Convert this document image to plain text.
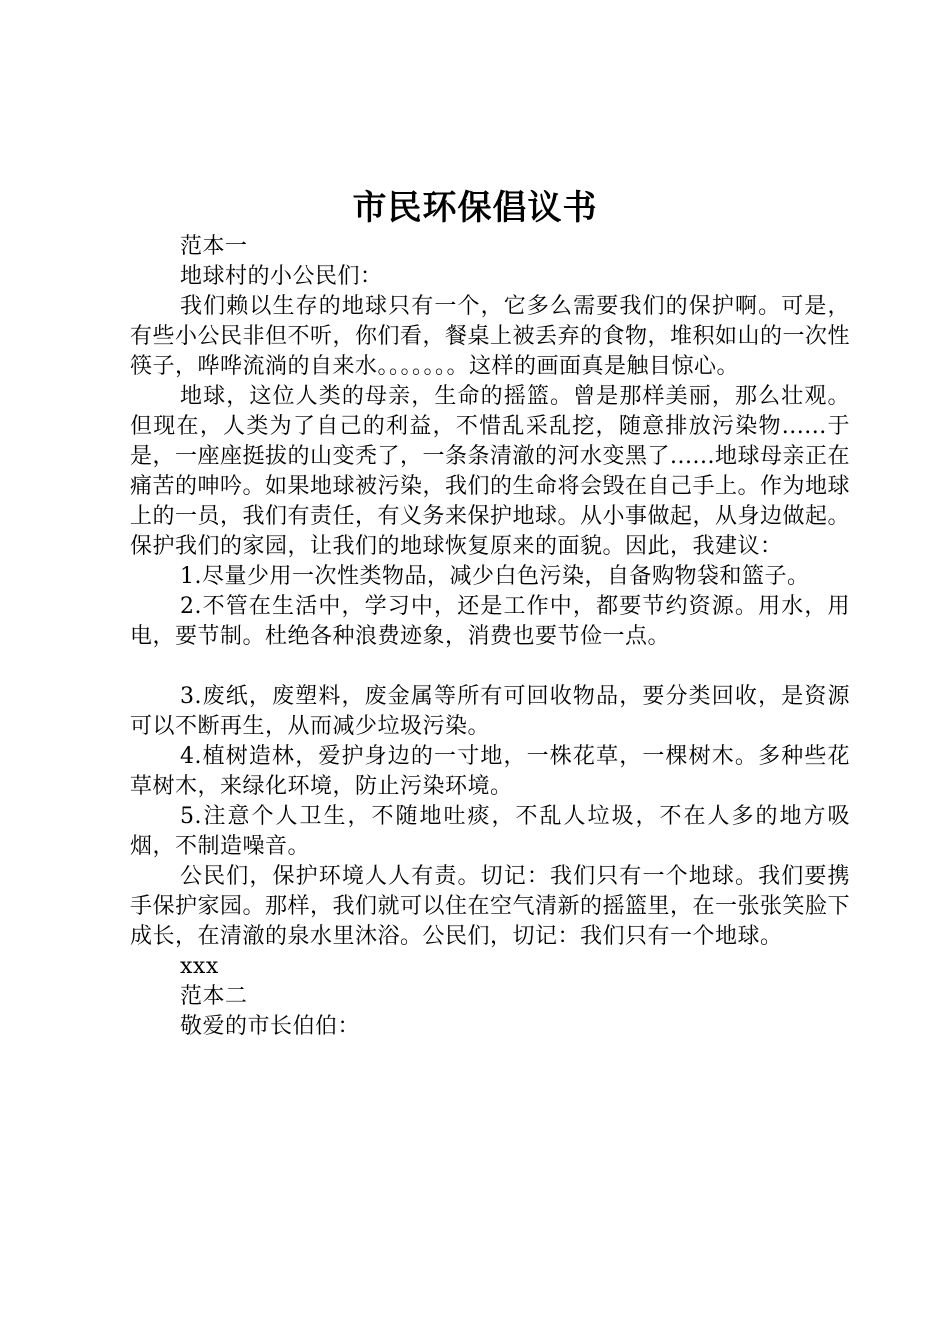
市民环保倡议书

范本一

地球村的小公民们：

我们赖以生存的地球只有一个，它多么需要我们的保护啊。可是，有些小公民非但不听，你们看，餐桌上被丢弃的食物，堆积如山的一次性筷子，哗哗流淌的自来水。。。。。。。这样的画面真是触目惊心。

地球，这位人类的母亲，生命的摇篮。曾是那样美丽，那么壮观。但现在，人类为了自己的利益，不惜乱采乱挖，随意排放污染物......于是，一座座挺拔的山变秃了，一条条清澈的河水变黑了......地球母亲正在痛苦的呻吟。如果地球被污染，我们的生命将会毁在自己手上。作为地球上的一员，我们有责任，有义务来保护地球。从小事做起，从身边做起。保护我们的家园，让我们的地球恢复原来的面貌。因此，我建议：

1.尽量少用一次性类物品，减少白色污染，自备购物袋和篮子。

2.不管在生活中，学习中，还是工作中，都要节约资源。用水，用电，要节制。杜绝各种浪费迹象，消费也要节俭一点。

3.废纸，废塑料，废金属等所有可回收物品，要分类回收，是资源可以不断再生，从而减少垃圾污染。

4.植树造林，爱护身边的一寸地，一株花草，一棵树木。多种些花草树木，来绿化环境，防止污染环境。

5.注意个人卫生，不随地吐痰，不乱人垃圾，不在人多的地方吸烟，不制造噪音。

公民们，保护环境人人有责。切记：我们只有一个地球。我们要携手保护家园。那样，我们就可以住在空气清新的摇篮里，在一张张笑脸下成长，在清澈的泉水里沐浴。公民们，切记：我们只有一个地球。

xxx

范本二

敬爱的市长伯伯：
